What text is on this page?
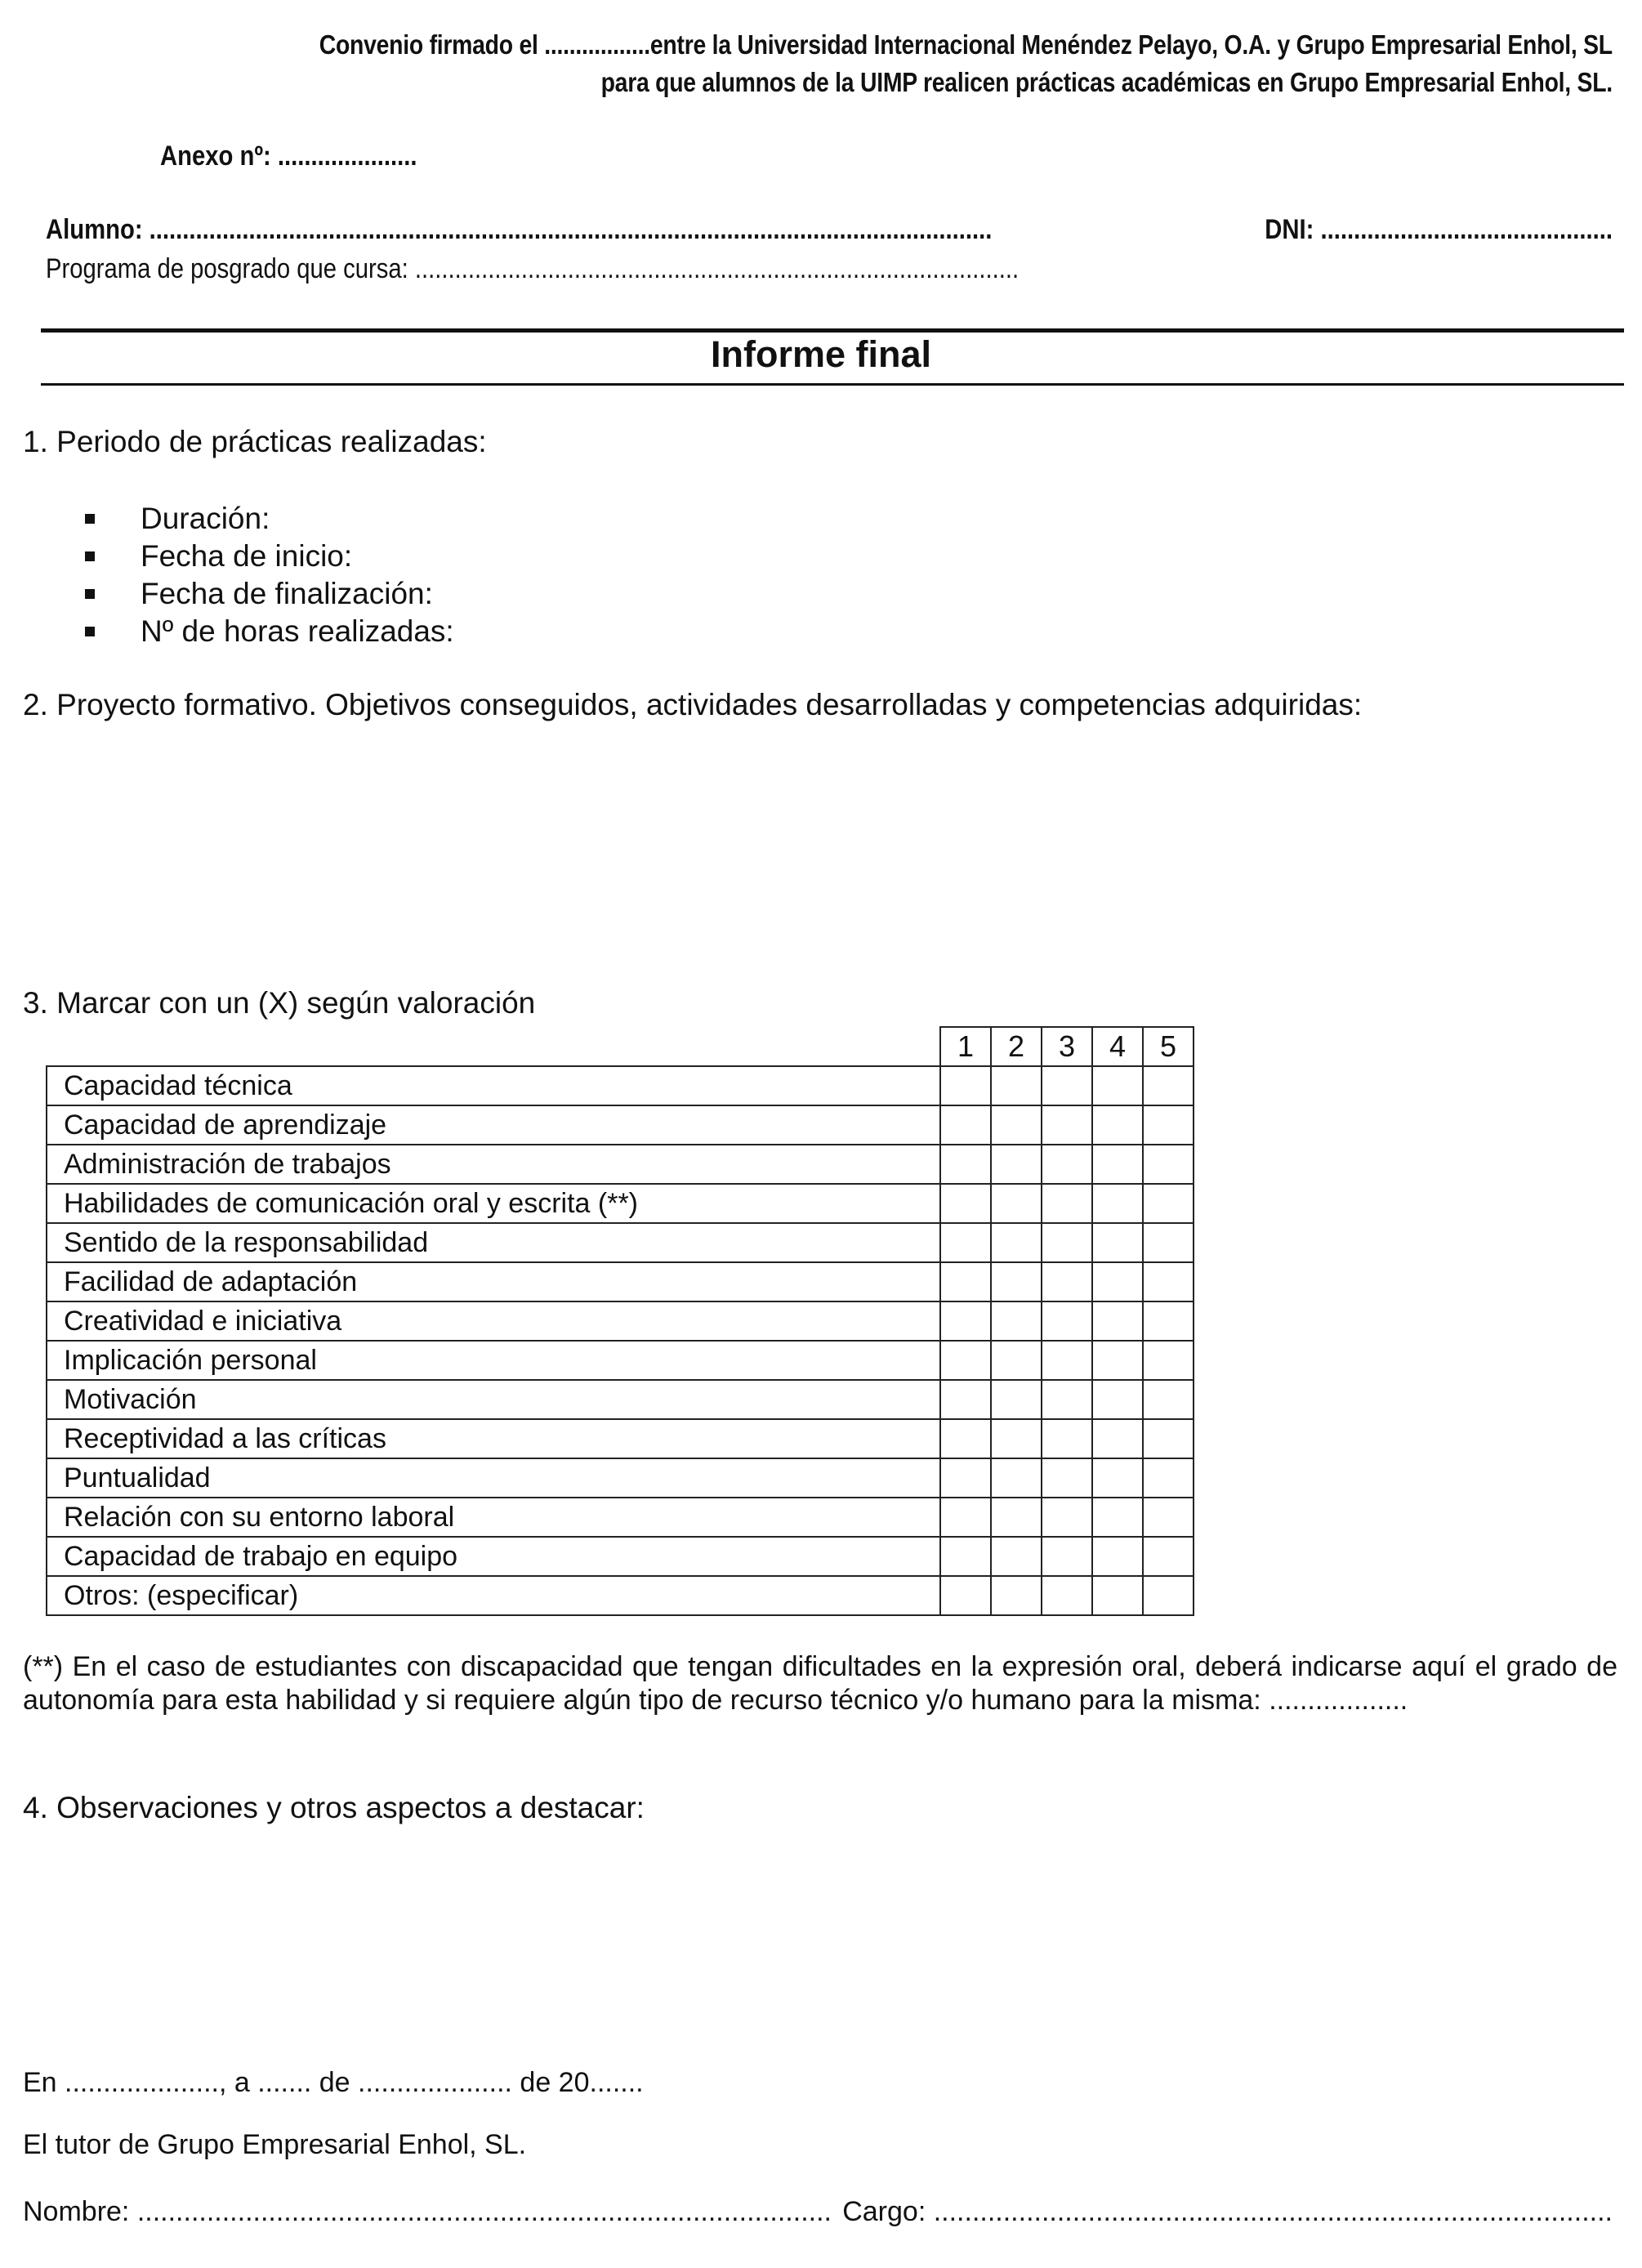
Convenio firmado el .................entre la Universidad Internacional Menéndez Pelayo, O.A. y Grupo Empresarial Enhol, SL
para que alumnos de la UIMP realicen prácticas académicas en Grupo Empresarial Enhol, SL.
Anexo nº: .....................
Alumno: ...............................................................................................................................	DNI: ............................................
Programa de posgrado que cursa: ...........................................................................................
Informe final
1. Periodo de prácticas realizadas:
Duración:
Fecha de inicio:
Fecha de finalización:
Nº de horas realizadas:
2. Proyecto formativo. Objetivos conseguidos, actividades desarrolladas y competencias adquiridas:
3. Marcar con un (X) según valoración
	1	2	3	4	5
Capacidad técnica					
Capacidad de aprendizaje					
Administración de trabajos					
Habilidades de comunicación oral y escrita (**)					
Sentido de la responsabilidad					
Facilidad de adaptación					
Creatividad e iniciativa					
Implicación personal					
Motivación					
Receptividad a las críticas					
Puntualidad					
Relación con su entorno laboral					
Capacidad de trabajo en equipo					
Otros: (especificar)					
(**) En el caso de estudiantes con discapacidad que tengan dificultades en la expresión oral, deberá indicarse aquí el grado de autonomía para esta habilidad y si requiere algún tipo de recurso técnico y/o humano para la misma: ..................
4. Observaciones y otros aspectos a destacar:
En ...................., a ....... de .................... de 20.......
El tutor de Grupo Empresarial Enhol, SL.
Nombre: .......................................................................................... Cargo: ........................................................................................
